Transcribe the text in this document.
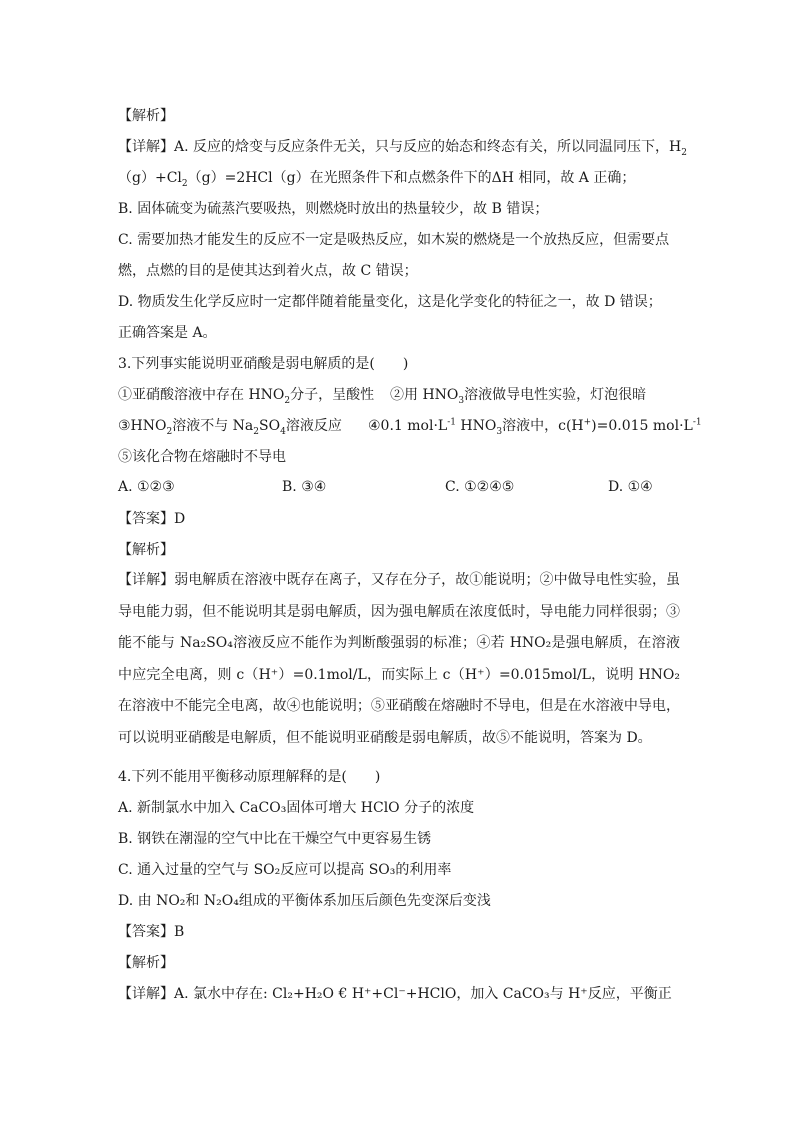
【解析】
【详解】A. 反应的焓变与反应条件无关，只与反应的始态和终态有关，所以同温同压下，$H_2$
$(g)+Cl_2(g)=2HCl(g)$在光照条件下和点燃条件下的ΔH 相同，故 A 正确；
B. 固体硫变为硫蒸汽要吸热，则燃烧时放出的热量较少，故 B 错误；
C. 需要加热才能发生的反应不一定是吸热反应，如木炭的燃烧是一个放热反应，但需要点
燃，点燃的目的是使其达到着火点，故 C 错误；
D. 物质发生化学反应时一定都伴随着能量变化，这是化学变化的特征之一，故 D 错误；
正确答案是 A。
3.下列事实能说明亚硝酸是弱电解质的是(　　)
①亚硝酸溶液中存在 $HNO_2$分子，呈酸性 ②用 $HNO_3$溶液做导电性实验，灯泡很暗
$③HNO_2$溶液不与 $Na_2SO_4$溶液反应 ④0.1 $mol\cdot L^{-1}$ $HNO_3$溶液中，c(H+)=0.015 $mol\cdot L^{-1}$
⑤该化合物在熔融时不导电
A. ①②③	B. ③④	C. ①②④⑤	D. ①④
【答案】D
【解析】

【详解】弱电解质在溶液中既存在离子，又存在分子，故①能说明；②中做导电性实验，虽导电能力弱，但不能说明其是弱电解质，因为强电解质在浓度低时，导电能力同样很弱；③能不能与 Na₂SO₄溶液反应不能作为判断酸强弱的标准；④若 HNO₂是强电解质，在溶液中应完全电离，则 c（H⁺）=0.1mol/L，而实际上 c（H⁺）=0.015mol/L，说明 HNO₂在溶液中不能完全电离，故④也能说明；⑤亚硝酸在熔融时不导电，但是在水溶液中导电，可以说明亚硝酸是电解质，但不能说明亚硝酸是弱电解质，故⑤不能说明，答案为 D。

4.下列不能用平衡移动原理解释的是(　　)
A. 新制氯水中加入 CaCO₃固体可增大 HClO 分子的浓度
B. 钢铁在潮湿的空气中比在干燥空气中更容易生锈
C. 通入过量的空气与 SO₂反应可以提高 SO₃的利用率
D. 由 NO₂和 N₂O₄组成的平衡体系加压后颜色先变深后变浅
【答案】B
【解析】
【详解】A. 氯水中存在: Cl₂+H₂O € H⁺+Cl⁻+HClO，加入 CaCO₃与 H⁺反应，平衡正
